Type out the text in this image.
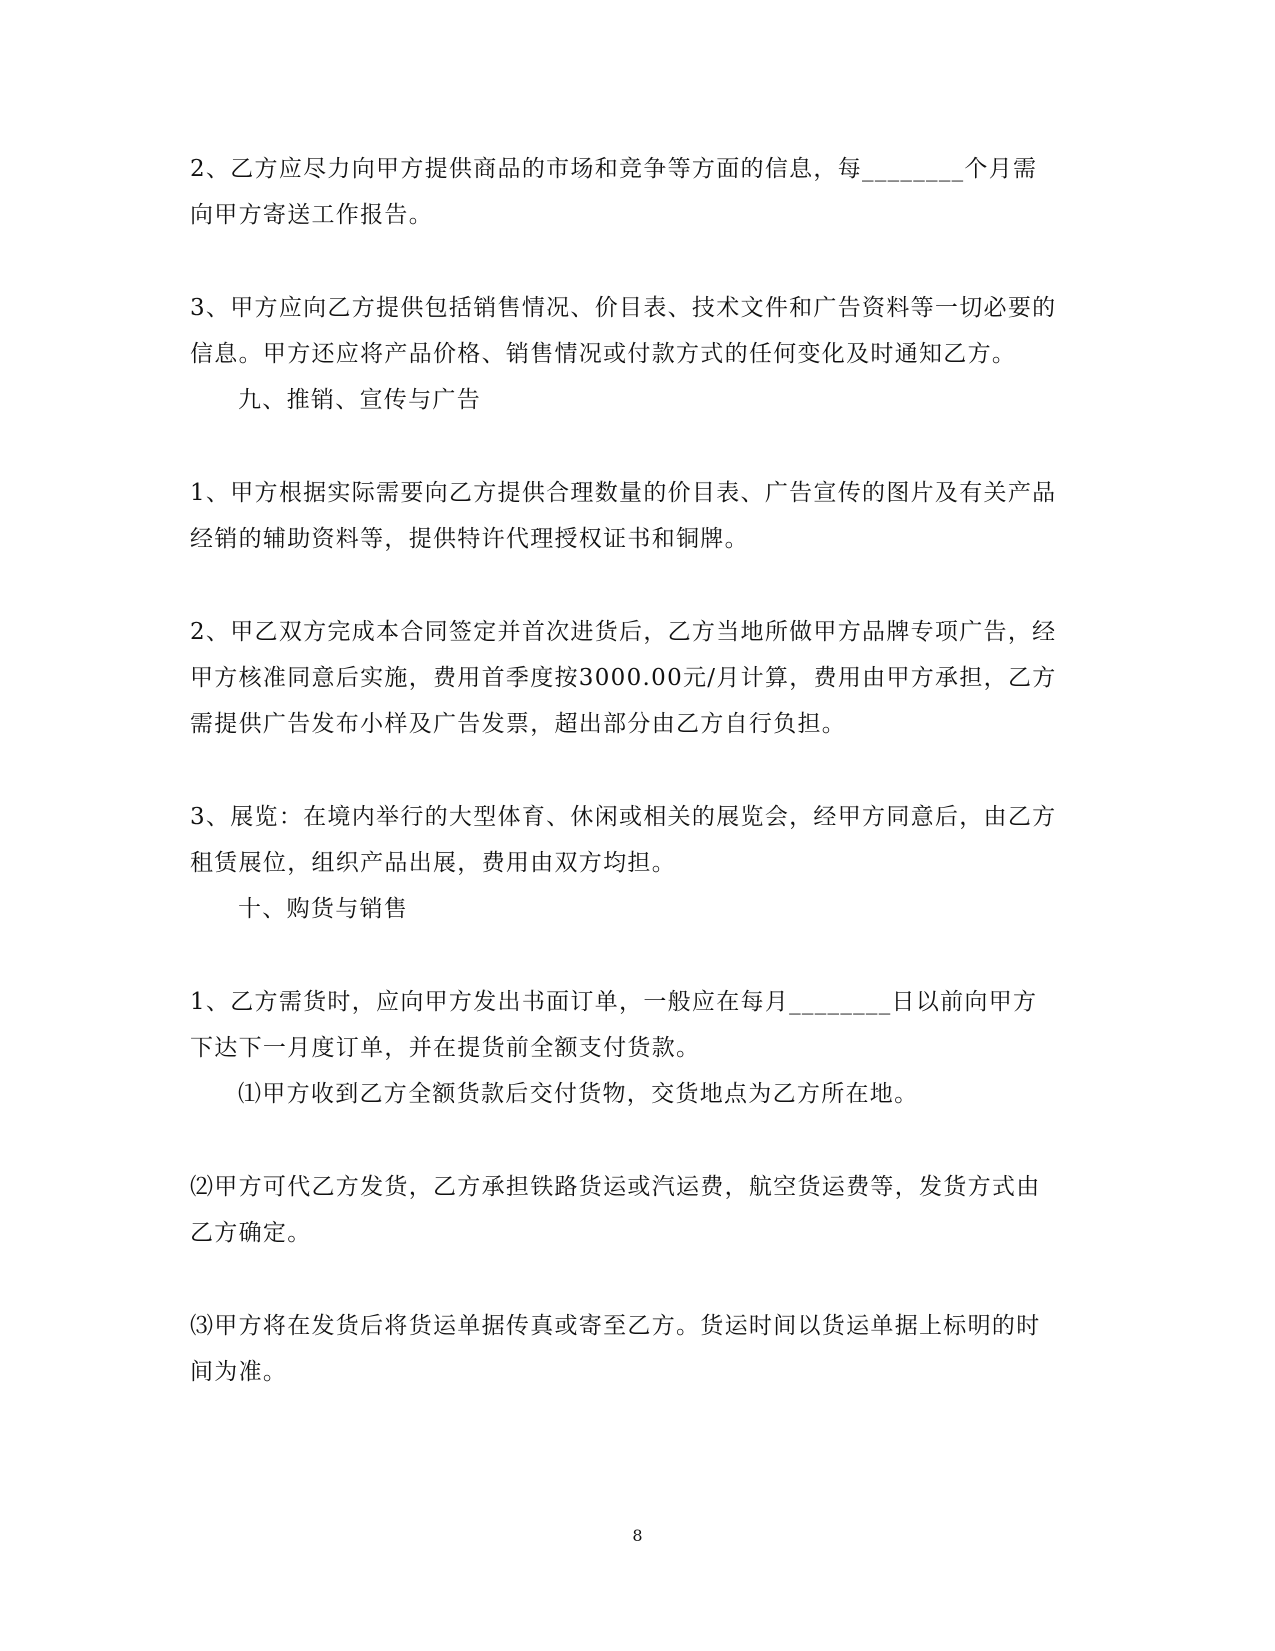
2、乙方应尽力向甲方提供商品的市场和竞争等方面的信息，每________个月需
向甲方寄送工作报告。
3、甲方应向乙方提供包括销售情况、价目表、技术文件和广告资料等一切必要的
信息。甲方还应将产品价格、销售情况或付款方式的任何变化及时通知乙方。
九、推销、宣传与广告
1、甲方根据实际需要向乙方提供合理数量的价目表、广告宣传的图片及有关产品
经销的辅助资料等，提供特许代理授权证书和铜牌。
2、甲乙双方完成本合同签定并首次进货后，乙方当地所做甲方品牌专项广告，经
甲方核准同意后实施，费用首季度按3000.00元/月计算，费用由甲方承担，乙方
需提供广告发布小样及广告发票，超出部分由乙方自行负担。
3、展览：在境内举行的大型体育、休闲或相关的展览会，经甲方同意后，由乙方
租赁展位，组织产品出展，费用由双方均担。
十、购货与销售
1、乙方需货时，应向甲方发出书面订单，一般应在每月________日以前向甲方
下达下一月度订单，并在提货前全额支付货款。
⑴甲方收到乙方全额货款后交付货物，交货地点为乙方所在地。
⑵甲方可代乙方发货，乙方承担铁路货运或汽运费，航空货运费等，发货方式由
乙方确定。
⑶甲方将在发货后将货运单据传真或寄至乙方。货运时间以货运单据上标明的时
间为准。
8
